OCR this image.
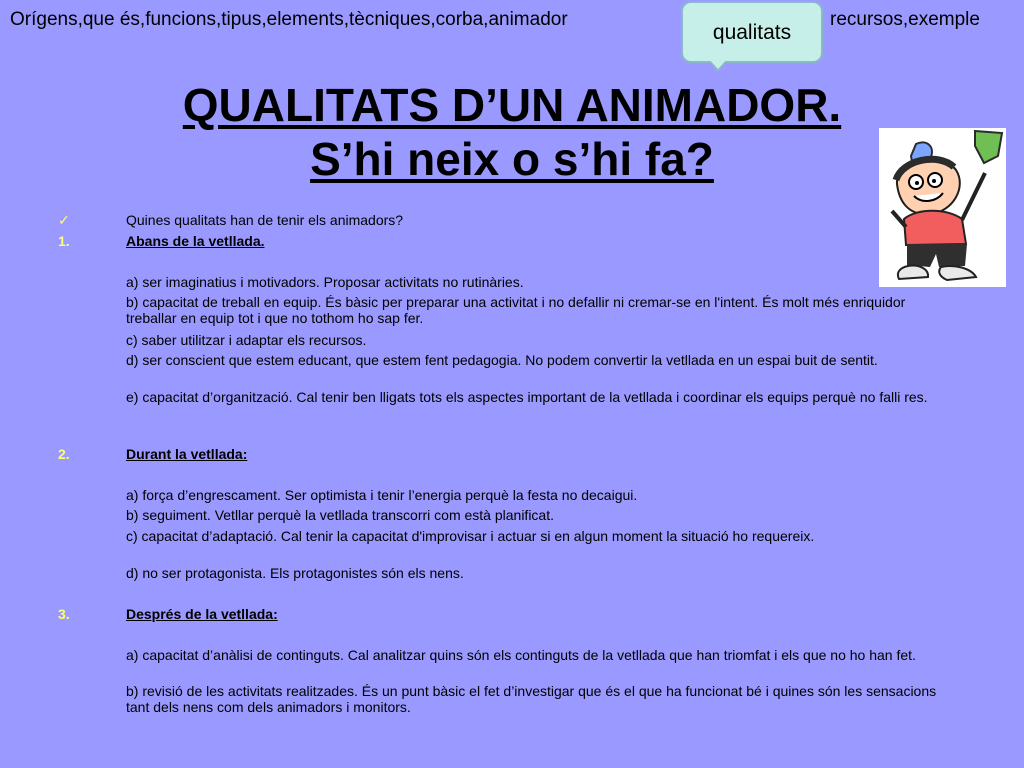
Orígens,que és,funcions,tipus,elements,tècniques,corba,animador	recursos,exemple
qualitats
QUALITATS D’UN ANIMADOR.
S’hi neix o s’hi fa?
✓	Quines qualitats han de tenir els animadors?
1.	Abans de la vetllada.
a) ser imaginatius i motivadors. Proposar activitats no rutinàries.
b) capacitat de treball en equip. És bàsic per preparar una activitat i no defallir ni cremar-se en l'intent. És molt més enriquidor treballar en equip tot i que no tothom ho sap fer.
c) saber utilitzar i adaptar els recursos.
d) ser conscient que estem educant, que estem fent pedagogia. No podem convertir la vetllada en un espai buit de sentit.
e) capacitat d’organització. Cal tenir ben lligats tots els aspectes important de la vetllada i coordinar els equips perquè no falli res.
2.	Durant la vetllada:
a) força d’engrescament. Ser optimista i tenir l’energia perquè la festa no decaigui.
b) seguiment. Vetllar perquè la vetllada transcorri com està planificat.
c) capacitat d’adaptació. Cal tenir la capacitat d'improvisar i actuar si en algun moment la situació ho requereix.
d) no ser protagonista. Els protagonistes són els nens.
3.	Després de la vetllada:
a) capacitat d’anàlisi de continguts. Cal analitzar quins són els continguts de la vetllada que han triomfat i els que no ho han fet.
b) revisió de les activitats realitzades. És un punt bàsic el fet d’investigar que és el que ha funcionat bé i quines són les sensacions tant dels nens com dels animadors i monitors.
